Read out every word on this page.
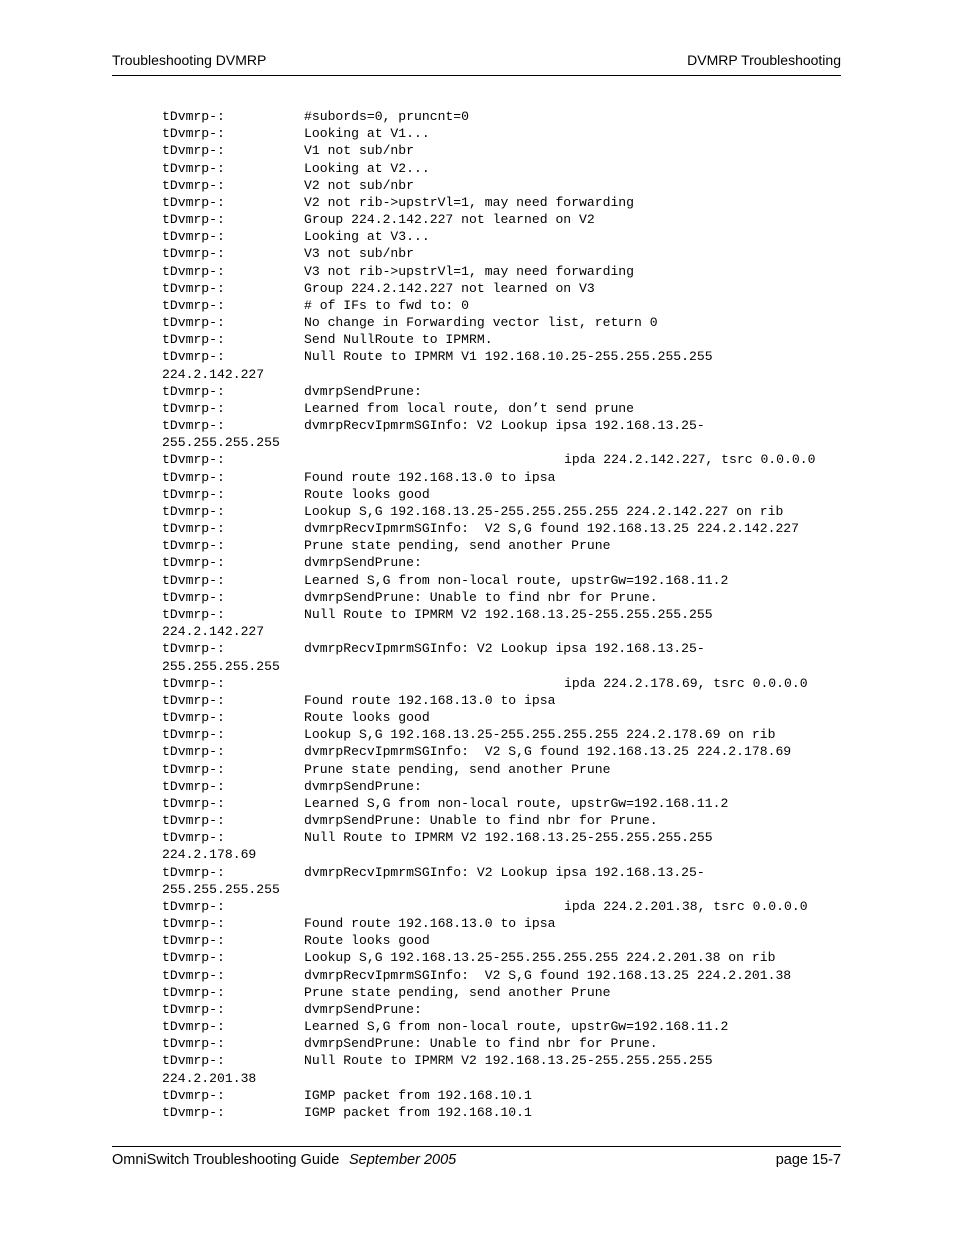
Troubleshooting DVMRP	DVMRP Troubleshooting
tDvmrp-:	#subords=0, pruncnt=0
tDvmrp-:	Looking at V1...
tDvmrp-:	V1 not sub/nbr
tDvmrp-:	Looking at V2...
tDvmrp-:	V2 not sub/nbr
tDvmrp-:	V2 not rib->upstrVl=1, may need forwarding
tDvmrp-:	Group 224.2.142.227 not learned on V2
tDvmrp-:	Looking at V3...
tDvmrp-:	V3 not sub/nbr
tDvmrp-:	V3 not rib->upstrVl=1, may need forwarding
tDvmrp-:	Group 224.2.142.227 not learned on V3
tDvmrp-:	# of IFs to fwd to: 0
tDvmrp-:	No change in Forwarding vector list, return 0
tDvmrp-:	Send NullRoute to IPMRM.
tDvmrp-:	Null Route to IPMRM V1 192.168.10.25-255.255.255.255
224.2.142.227
tDvmrp-:	dvmrpSendPrune:
tDvmrp-:	Learned from local route, don’t send prune
tDvmrp-:	dvmrpRecvIpmrmSGInfo: V2 Lookup ipsa 192.168.13.25-
255.255.255.255
tDvmrp-:	ipda 224.2.142.227, tsrc 0.0.0.0
tDvmrp-:	Found route 192.168.13.0 to ipsa
tDvmrp-:	Route looks good
tDvmrp-:	Lookup S,G 192.168.13.25-255.255.255.255 224.2.142.227 on rib
tDvmrp-:	dvmrpRecvIpmrmSGInfo:  V2 S,G found 192.168.13.25 224.2.142.227
tDvmrp-:	Prune state pending, send another Prune
tDvmrp-:	dvmrpSendPrune:
tDvmrp-:	Learned S,G from non-local route, upstrGw=192.168.11.2
tDvmrp-:	dvmrpSendPrune: Unable to find nbr for Prune.
tDvmrp-:	Null Route to IPMRM V2 192.168.13.25-255.255.255.255
224.2.142.227
tDvmrp-:	dvmrpRecvIpmrmSGInfo: V2 Lookup ipsa 192.168.13.25-
255.255.255.255
tDvmrp-:	ipda 224.2.178.69, tsrc 0.0.0.0
tDvmrp-:	Found route 192.168.13.0 to ipsa
tDvmrp-:	Route looks good
tDvmrp-:	Lookup S,G 192.168.13.25-255.255.255.255 224.2.178.69 on rib
tDvmrp-:	dvmrpRecvIpmrmSGInfo:  V2 S,G found 192.168.13.25 224.2.178.69
tDvmrp-:	Prune state pending, send another Prune
tDvmrp-:	dvmrpSendPrune:
tDvmrp-:	Learned S,G from non-local route, upstrGw=192.168.11.2
tDvmrp-:	dvmrpSendPrune: Unable to find nbr for Prune.
tDvmrp-:	Null Route to IPMRM V2 192.168.13.25-255.255.255.255
224.2.178.69
tDvmrp-:	dvmrpRecvIpmrmSGInfo: V2 Lookup ipsa 192.168.13.25-
255.255.255.255
tDvmrp-:	ipda 224.2.201.38, tsrc 0.0.0.0
tDvmrp-:	Found route 192.168.13.0 to ipsa
tDvmrp-:	Route looks good
tDvmrp-:	Lookup S,G 192.168.13.25-255.255.255.255 224.2.201.38 on rib
tDvmrp-:	dvmrpRecvIpmrmSGInfo:  V2 S,G found 192.168.13.25 224.2.201.38
tDvmrp-:	Prune state pending, send another Prune
tDvmrp-:	dvmrpSendPrune:
tDvmrp-:	Learned S,G from non-local route, upstrGw=192.168.11.2
tDvmrp-:	dvmrpSendPrune: Unable to find nbr for Prune.
tDvmrp-:	Null Route to IPMRM V2 192.168.13.25-255.255.255.255
224.2.201.38
tDvmrp-:	IGMP packet from 192.168.10.1
tDvmrp-:	IGMP packet from 192.168.10.1
OmniSwitch Troubleshooting Guide September 2005	page 15-7
